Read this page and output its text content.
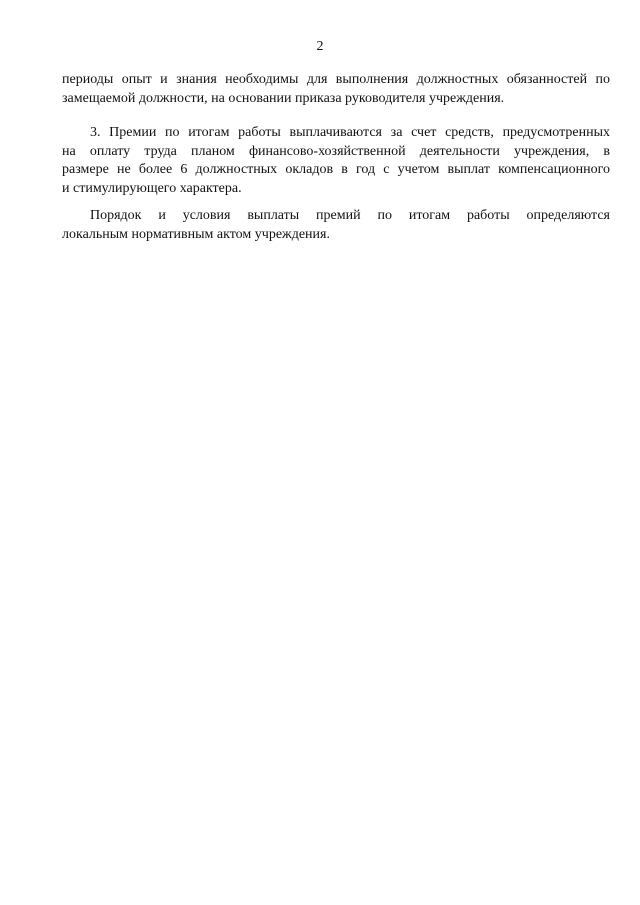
2
периоды опыт и знания необходимы для выполнения должностных обязанностей по
замещаемой должности, на основании приказа руководителя учреждения.
3. Премии по итогам работы выплачиваются за счет средств, предусмотренных
на оплату труда планом финансово-хозяйственной деятельности учреждения, в
размере не более 6 должностных окладов в год с учетом выплат компенсационного
и стимулирующего характера.
Порядок и условия выплаты премий по итогам работы определяются
локальным нормативным актом учреждения.
